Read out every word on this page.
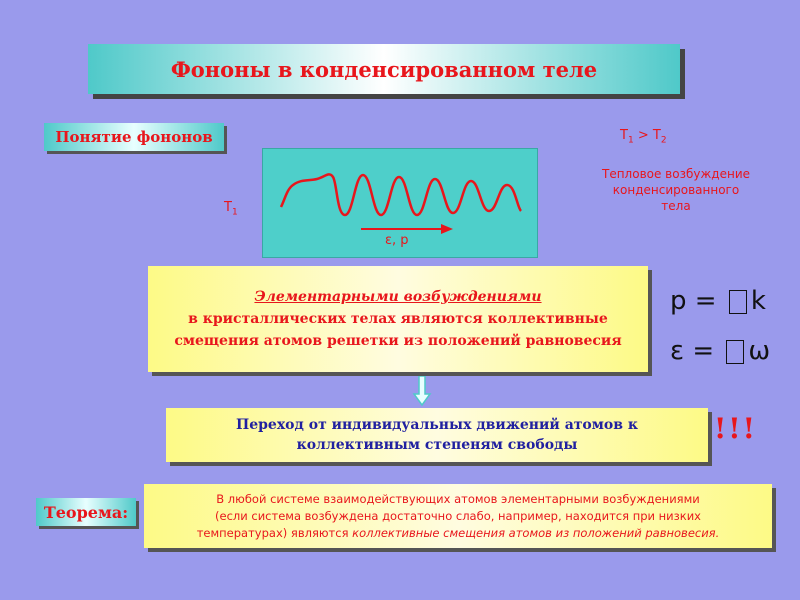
Фононы в конденсированном теле
Понятие фононов
$T_1$
ε, p
$T_1 > T_2$
Тепловое возбуждение
конденсированного
тела
Элементарными возбуждениями
в кристаллических телах являются коллективные
смещения атомов решетки из положений равновесия
p = k
ε = ω
Переход от индивидуальных движений атомов к
коллективным степеням свободы	!!!
Теорема:
В любой системе взаимодействующих атомов элементарными возбуждениями
(если система возбуждена достаточно слабо, например, находится при низких
температурах) являются коллективные смещения атомов из положений равновесия.
